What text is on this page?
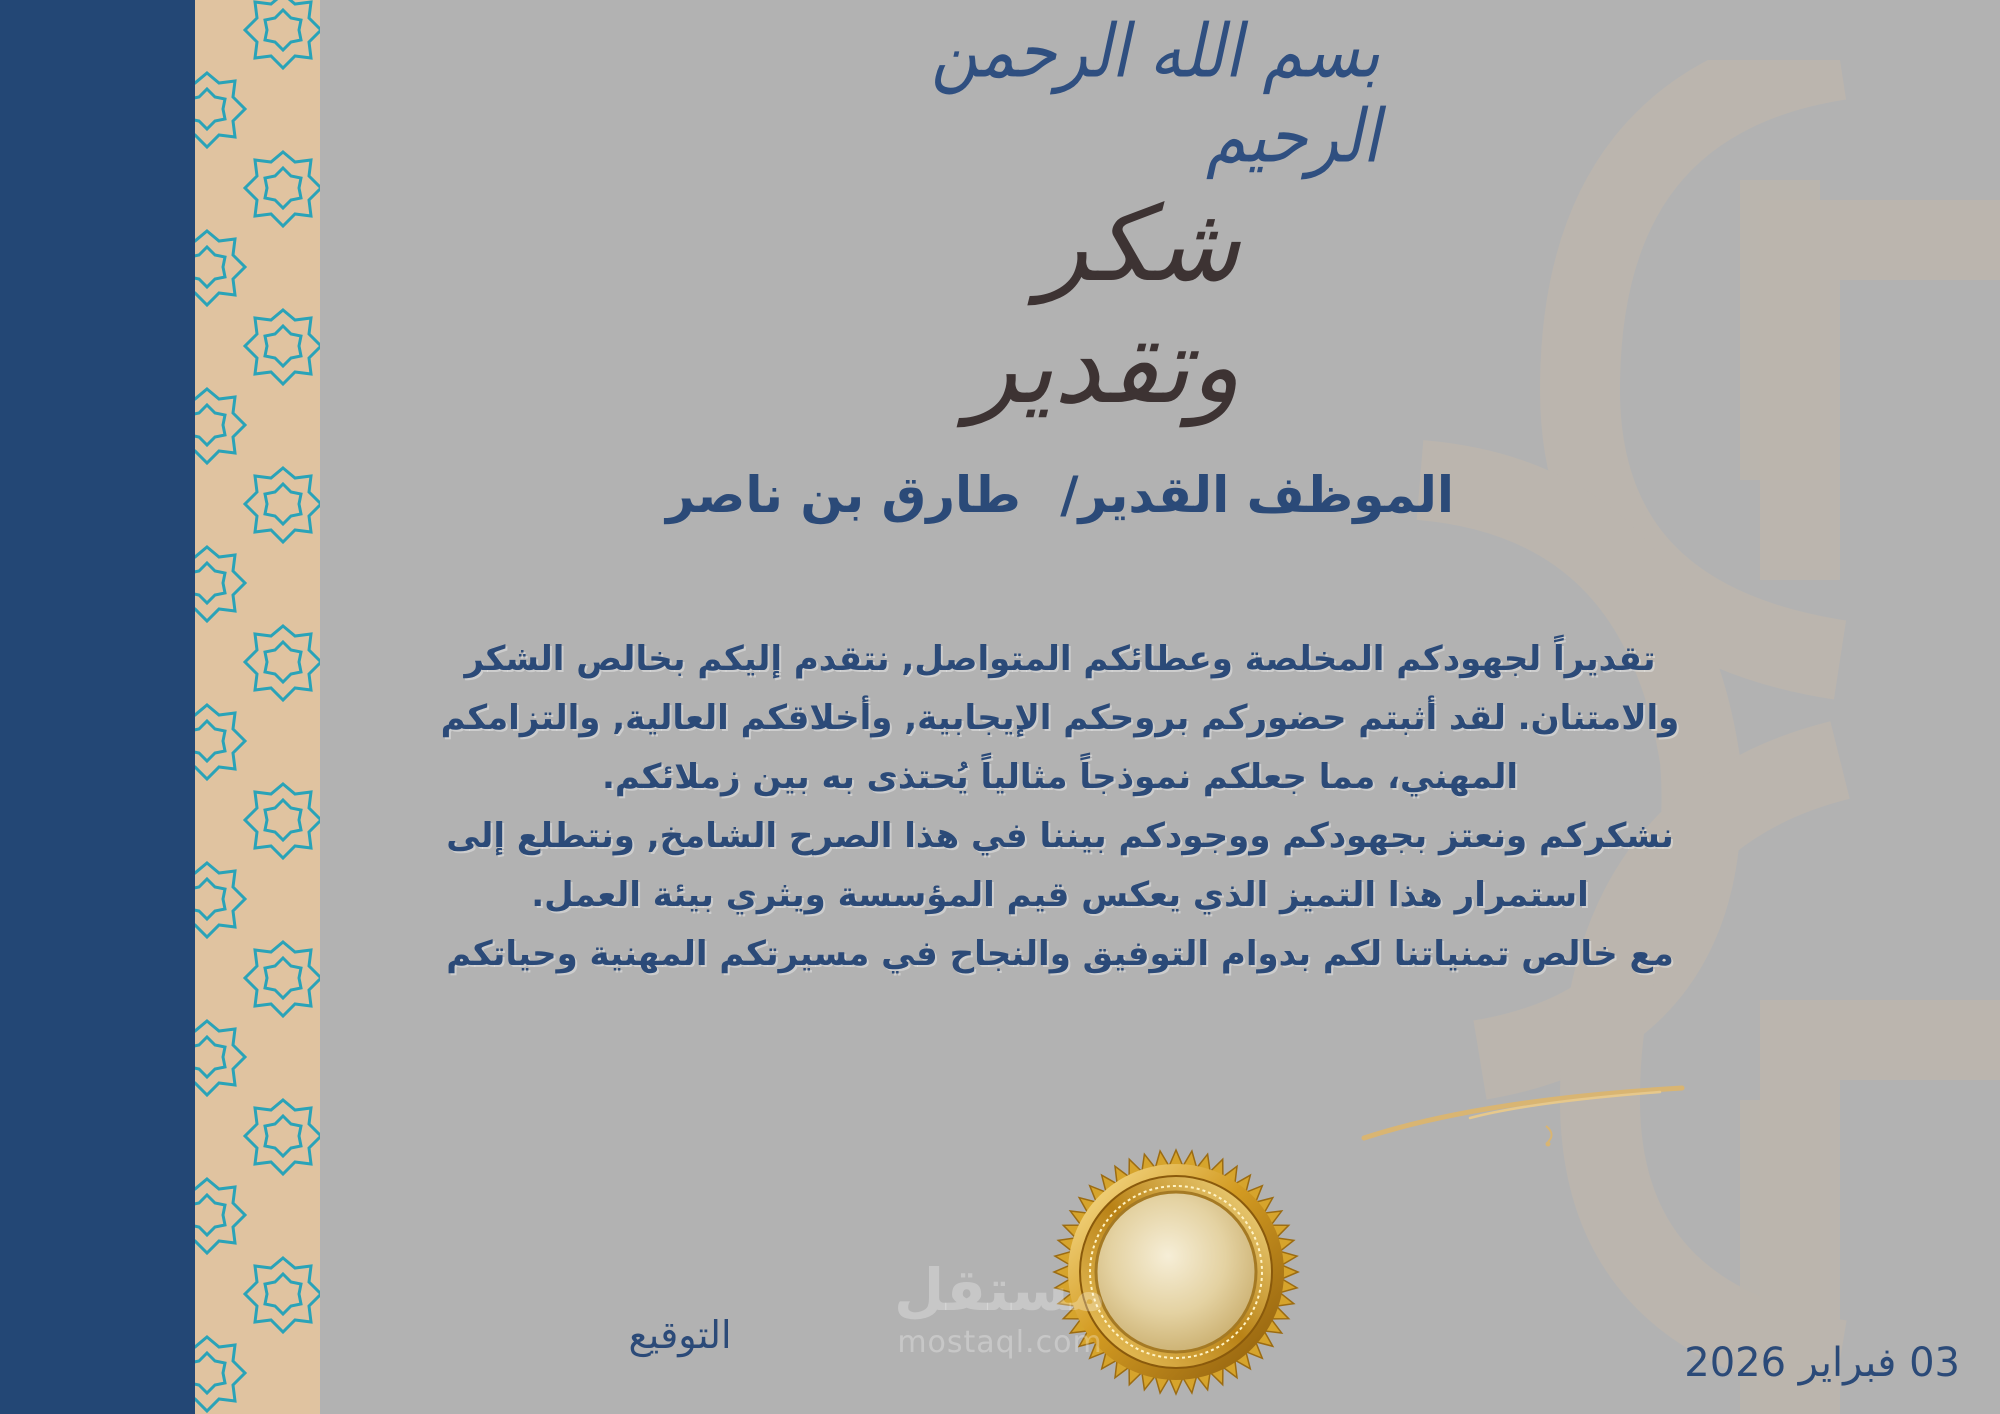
بسم الله الرحمن الرحيم
شكر وتقدير
الموظف القدير/ طارق بن ناصر
تقديراً لجهودكم المخلصة وعطائكم المتواصل, نتقدم إليكم بخالص الشكر
والامتنان. لقد أثبتم حضوركم بروحكم الإيجابية, وأخلاقكم العالية, والتزامكم
المهني، مما جعلكم نموذجاً مثالياً يُحتذى به بين زملائكم.
نشكركم ونعتز بجهودكم ووجودكم بيننا في هذا الصرح الشامخ, ونتطلع إلى
استمرار هذا التميز الذي يعكس قيم المؤسسة ويثري بيئة العمل.
مع خالص تمنياتنا لكم بدوام التوفيق والنجاح في مسيرتكم المهنية وحياتكم
مستقل
mostaql.com
التوقيع
03 فبراير 2026
